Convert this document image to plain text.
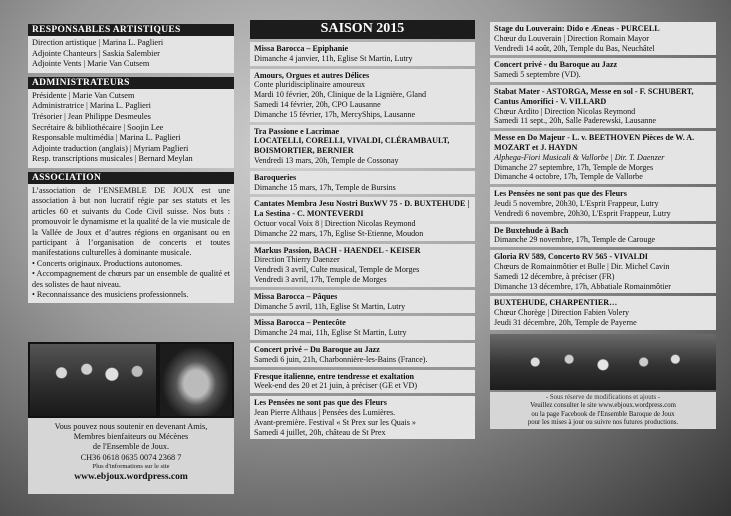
RESPONSABLES ARTISTIQUES
Direction artistique | Marina L. Paglieri
Adjointe Chanteurs | Saskia Salembier
Adjointe Vents | Marie Van Cutsem
ADMINISTRATEURS
Présidente | Marie Van Cutsem
Administratrice | Marina L. Paglieri
Trésorier | Jean Philippe Desmeules
Secrétaire & bibliothécaire | Soojin Lee
Responsable multimédia | Marina L. Paglieri
Adjointe traduction (anglais) | Myriam Paglieri
Resp. transcriptions musicales | Bernard Meylan
ASSOCIATION
L’association de l’ENSEMBLE DE JOUX est une association à but non lucratif régie par ses statuts et les articles 60 et suivants du Code Civil suisse. Nos buts : promouvoir le dynamisme et la qualité de la vie musicale de la Vallée de Joux et d’autres régions en organisant ou en participant à l’organisation de concerts et toutes manifestations culturelles à dominante musicale.
• Concerts originaux. Productions autonomes.
• Accompagnement de chœurs par un ensemble de qualité et des solistes de haut niveau.
• Reconnaissance des musiciens professionnels.
Vous pouvez nous soutenir en devenant Amis,
Membres bienfaiteurs ou Mécènes
de l'Ensemble de Joux.
CH36 0618 0635 0074 2368 7
Plus d'informations sur le site
www.ebjoux.wordpress.com
SAISON 2015
Missa Barocca – Epiphanie
Dimanche 4 janvier, 11h, Eglise St Martin, Lutry
Amours, Orgues et autres Délices
Conte pluridisciplinaire amoureux
Mardi 10 février, 20h, Clinique de la Lignière, Gland
Samedi 14 février, 20h, CPO Lausanne
Dimanche 15 février, 17h, MercyShips, Lausanne
Tra Passione e Lacrimae
LOCATELLI, CORELLI, VIVALDI, CLÉRAMBAULT, BOISMORTIER, BERNIER
Vendredi 13 mars, 20h, Temple de Cossonay
Baroqueries
Dimanche 15 mars, 17h, Temple de Bursins
Cantates Membra Jesu Nostri BuxWV 75 - D. BUXTEHUDE | La Sestina - C. MONTEVERDI
Octuor vocal Voix 8 | Direction Nicolas Reymond
Dimanche 22 mars, 17h, Eglise St-Etienne, Moudon
Markus Passion, BACH - HAENDEL - KEISER
Direction Thierry Daenzer
Vendredi 3 avril, Culte musical, Temple de Morges
Vendredi 3 avril, 17h, Temple de Morges
Missa Barocca – Pâques
Dimanche 5 avril, 11h, Eglise St Martin, Lutry
Missa Barocca – Pentecôte
Dimanche 24 mai, 11h, Eglise St Martin, Lutry
Concert privé – Du Baroque au Jazz
Samedi 6 juin, 21h, Charbonnière-les-Bains (France).
Fresque italienne, entre tendresse et exaltation
Week-end des 20 et 21 juin, à préciser (GE et VD)
Les Pensées ne sont pas que des Fleurs
Jean Pierre Althaus | Pensées des Lumières.
Avant-première. Festival « St Prex sur les Quais »
Samedi 4 juillet, 20h, château de St Prex
Stage du Louverain: Dido e Æneas - PURCELL
Chœur du Louverain | Direction Romain Mayor
Vendredi 14 août, 20h, Temple du Bas, Neuchâtel
Concert privé - du Baroque au Jazz
Samedi 5 septembre (VD).
Stabat Mater - ASTORGA, Messe en sol - F. SCHUBERT, Cantus Amorifici - V. VILLARD
Chœur Ardito | Direction Nicolas Reymond
Samedi 11 sept., 20h, Salle Paderewski, Lausanne
Messe en Do Majeur - L. v. BEETHOVEN Pièces de W. A. MOZART et J. HAYDN
Alphega-Fiori Musicali & Vallorbe | Dir. T. Daenzer
Dimanche 27 septembre, 17h, Temple de Morges
Dimanche 4 octobre, 17h, Temple de Vallorbe
Les Pensées ne sont pas que des Fleurs
Jeudi 5 novembre, 20h30, L'Esprit Frappeur, Lutry
Vendredi 6 novembre, 20h30, L'Esprit Frappeur, Lutry
De Buxtehude à Bach
Dimanche 29 novembre, 17h, Temple de Carouge
Gloria RV 589, Concerto RV 565 - VIVALDI
Chœurs de Romainmôtier et Bulle | Dir. Michel Cavin
Samedi 12 décembre, à préciser (FR)
Dimanche 13 décembre, 17h, Abbatiale Romainmôtier
BUXTEHUDE, CHARPENTIER…
Chœur Chorège | Direction Fabien Volery
Jeudi 31 décembre, 20h, Temple de Payerne
- Sous réserve de modifications et ajouts -
Veuillez consulter le site www.ebjoux.wordpress.com
ou la page Facebook de l'Ensemble Baroque de Joux
pour les mises à jour ou suivre nos futures productions.
